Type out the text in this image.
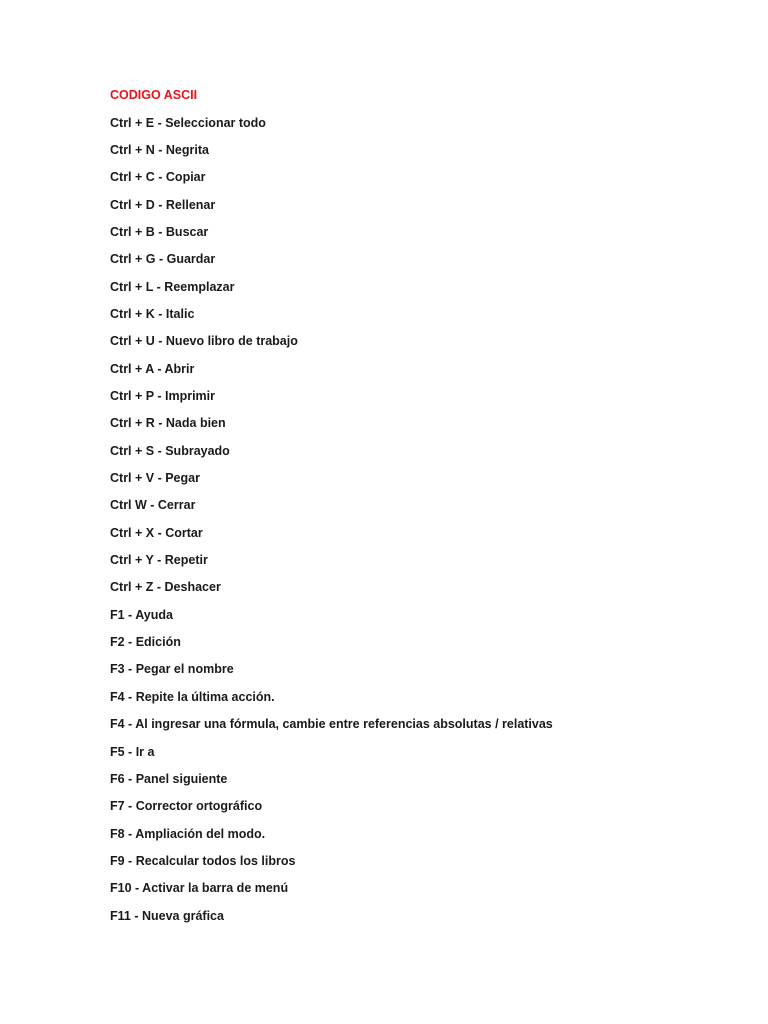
CODIGO ASCII
Ctrl + E - Seleccionar todo
Ctrl + N - Negrita
Ctrl + C - Copiar
Ctrl + D - Rellenar
Ctrl + B - Buscar
Ctrl + G - Guardar
Ctrl + L - Reemplazar
Ctrl + K - Italic
Ctrl + U - Nuevo libro de trabajo
Ctrl + A - Abrir
Ctrl + P - Imprimir
Ctrl + R - Nada bien
Ctrl + S - Subrayado
Ctrl + V - Pegar
Ctrl W - Cerrar
Ctrl + X - Cortar
Ctrl + Y - Repetir
Ctrl + Z - Deshacer
F1 - Ayuda
F2 - Edición
F3 - Pegar el nombre
F4 - Repite la última acción.
F4 - Al ingresar una fórmula, cambie entre referencias absolutas / relativas
F5 - Ir a
F6 - Panel siguiente
F7 - Corrector ortográfico
F8 - Ampliación del modo.
F9 - Recalcular todos los libros
F10 - Activar la barra de menú
F11 - Nueva gráfica
